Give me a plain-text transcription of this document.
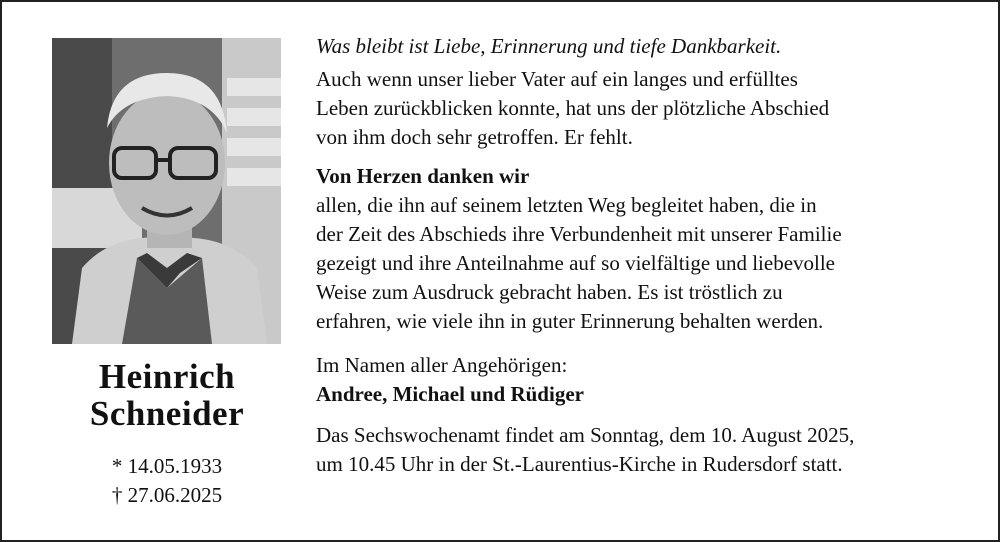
Heinrich
Schneider
* 14.05.1933
† 27.06.2025

Was bleibt ist Liebe, Erinnerung und tiefe Dankbarkeit.

Auch wenn unser lieber Vater auf ein langes und erfülltes
Leben zurückblicken konnte, hat uns der plötzliche Abschied
von ihm doch sehr getroffen. Er fehlt.

Von Herzen danken wir

allen, die ihn auf seinem letzten Weg begleitet haben, die in
der Zeit des Abschieds ihre Verbundenheit mit unserer Familie
gezeigt und ihre Anteilnahme auf so vielfältige und liebevolle
Weise zum Ausdruck gebracht haben. Es ist tröstlich zu
erfahren, wie viele ihn in guter Erinnerung behalten werden.
Im Namen aller Angehörigen:
Andree, Michael und Rüdiger
Das Sechswochenamt findet am Sonntag, dem 10. August 2025,
um 10.45 Uhr in der St.-Laurentius-Kirche in Rudersdorf statt.
